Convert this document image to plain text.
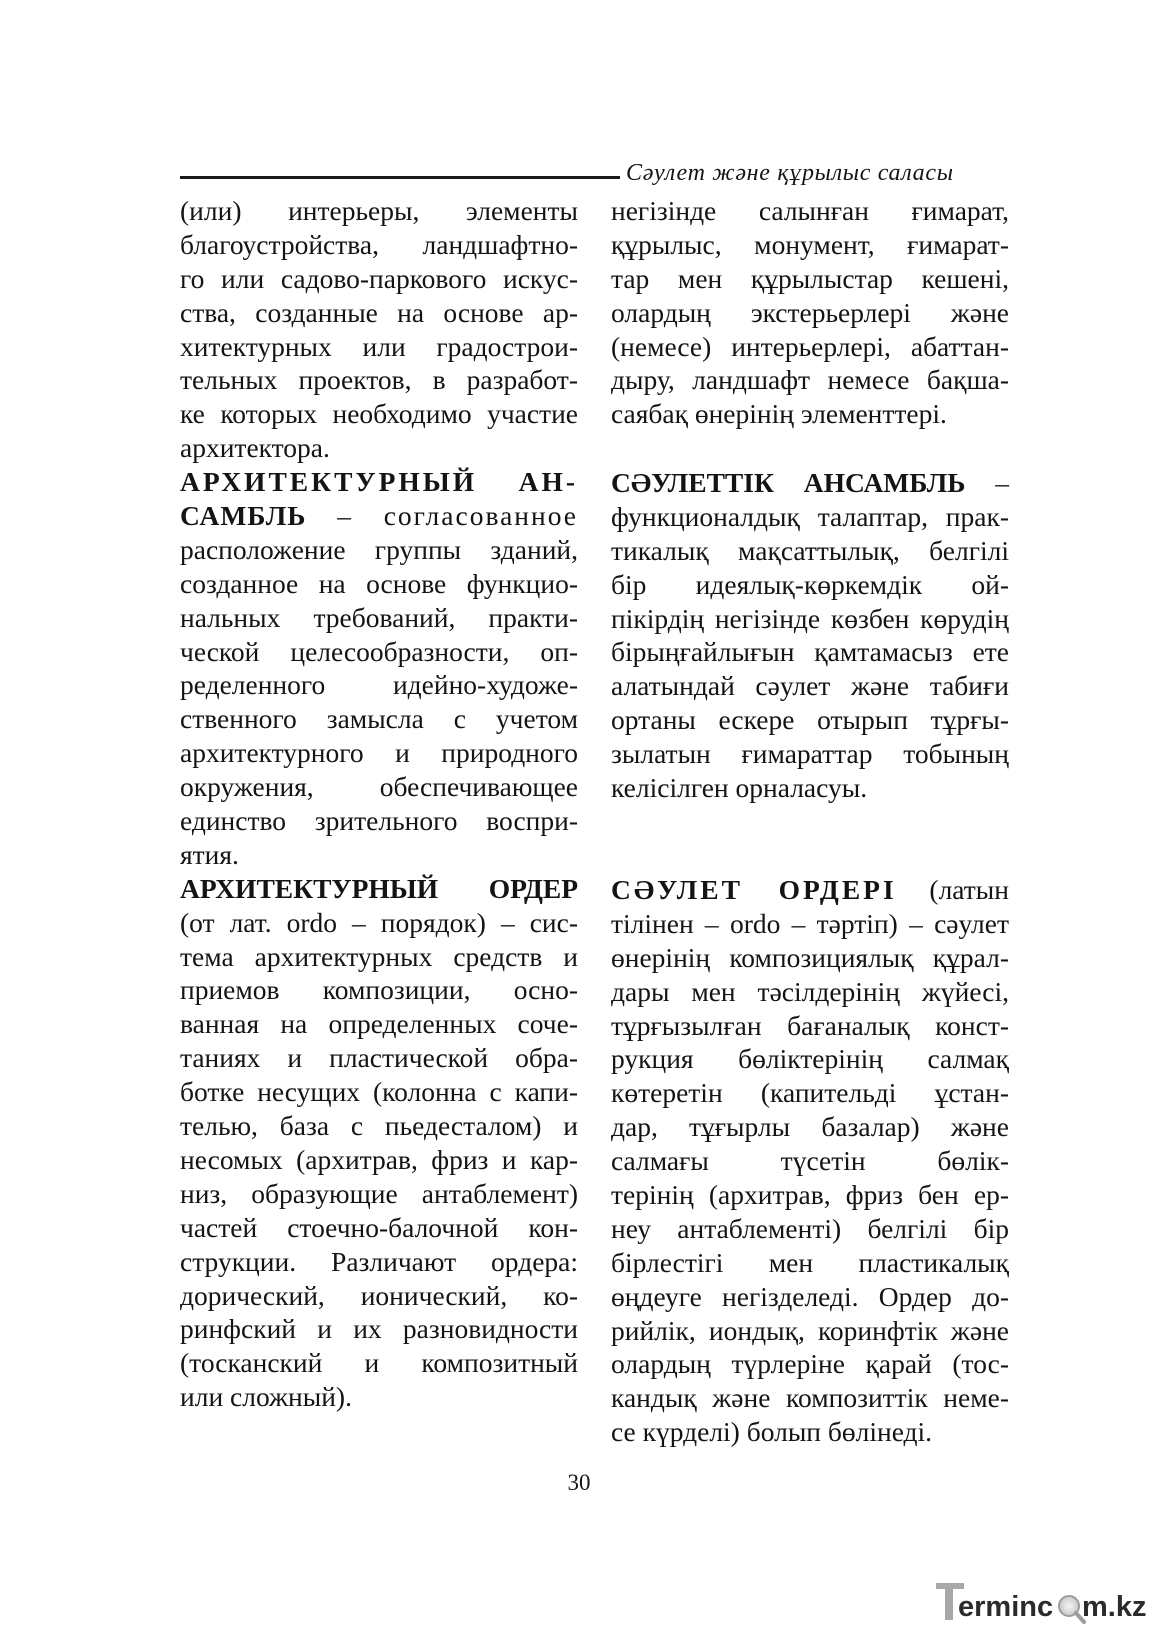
Сәулет және құрылыс саласы
(или) интерьеры, элементы
благоустройства, ландшафтно-
го или садово-паркового искус-
ства, созданные на основе ар-
хитектурных или градострои-
тельных проектов, в разработ-
ке которых необходимо участие
архитектора.
АРХИТЕКТУРНЫЙ АН-
САМБЛЬ – согласованное
расположение группы зданий,
созданное на основе функцио-
нальных требований, практи-
ческой целесообразности, оп-
ределенного идейно-художе-
ственного замысла с учетом
архитектурного и природного
окружения, обеспечивающее
единство зрительного воспри-
ятия.
АРХИТЕКТУРНЫЙ ОРДЕР
(от лат. ordo – порядок) – сис-
тема архитектурных средств и
приемов композиции, осно-
ванная на определенных соче-
таниях и пластической обра-
ботке несущих (колонна с капи-
телью, база с пьедесталом) и
несомых (архитрав, фриз и кар-
низ, образующие антаблемент)
частей стоечно-балочной кон-
струкции. Различают ордера:
дорический, ионический, ко-
ринфский и их разновидности
(тосканский и композитный
или сложный).
негізінде салынған ғимарат,
құрылыс, монумент, ғимарат-
тар мен құрылыстар кешені,
олардың экстерьерлері және
(немесе) интерьерлері, абаттан-
дыру, ландшафт немесе бақша-
саябақ өнерінің элементтері.
СӘУЛЕТТІК АНСАМБЛЬ –
функционалдық талаптар, прак-
тикалық мақсаттылық, белгілі
бір идеялық-көркемдік ой-
пікірдің негізінде көзбен көрудің
бірыңғайлығын қамтамасыз ете
алатындай сәулет және табиғи
ортаны ескере отырып тұрғы-
зылатын ғимараттар тобының
келісілген орналасуы.
СӘУЛЕТ ОРДЕРІ (латын
тілінен – ordo – тәртіп) – сәулет
өнерінің композициялық құрал-
дары мен тәсілдерінің жүйесі,
тұрғызылған бағаналық конст-
рукция бөліктерінің салмақ
көтеретін (капительді ұстан-
дар, тұғырлы базалар) және
салмағы түсетін бөлік-
терінің (архитрав, фриз бен ер-
неу антаблементі) белгілі бір
бірлестігі мен пластикалық
өңдеуге негізделеді. Ордер до-
рийлік, иондық, коринфтік және
олардың түрлеріне қарай (тос-
кандық және композиттік неме-
се күрделі) болып бөлінеді.
30
erminc m.kz
